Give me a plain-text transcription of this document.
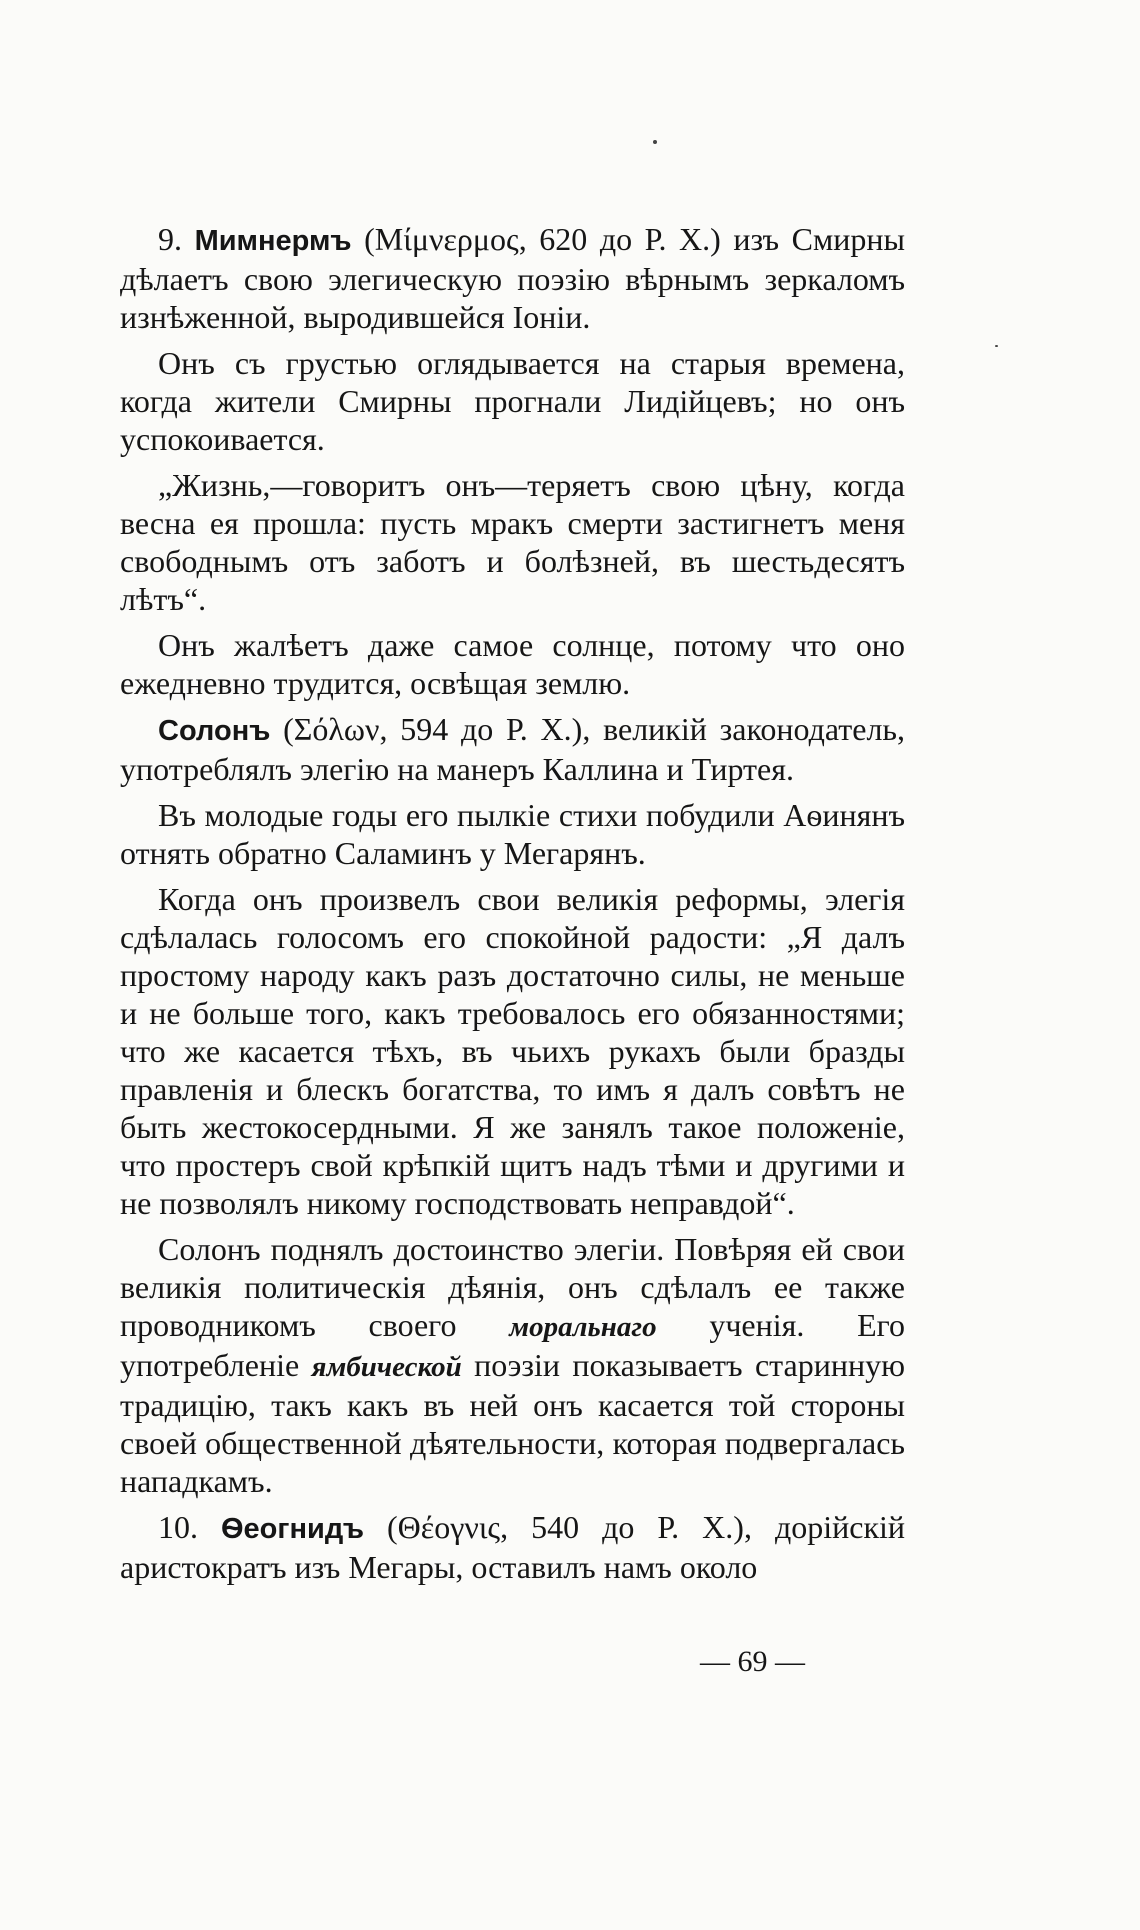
9. Мимнермъ (Μίμνερμος, 620 до Р. X.) изъ Смирны дѣлаетъ свою элегическую поэзію вѣрнымъ зеркаломъ изнѣженной, выродившейся Іоніи.

Онъ съ грустью оглядывается на старыя времена, когда жители Смирны прогнали Лидійцевъ; но онъ успокоивается.

„Жизнь,—говоритъ онъ—теряетъ свою цѣну, когда весна ея прошла: пусть мракъ смерти застигнетъ меня свободнымъ отъ заботъ и болѣзней, въ шестьдесятъ лѣтъ“.

Онъ жалѣетъ даже самое солнце, потому что оно ежедневно трудится, освѣщая землю.

Солонъ (Σόλων, 594 до Р. X.), великій законодатель, употреблялъ элегію на манеръ Каллина и Тиртея.

Въ молодые годы его пылкіе стихи побудили Аѳинянъ отнять обратно Саламинъ у Мегарянъ.

Когда онъ произвелъ свои великія реформы, элегія сдѣлалась голосомъ его спокойной радости: „Я далъ простому народу какъ разъ достаточно силы, не меньше и не больше того, какъ требовалось его обязанностями; что же касается тѣхъ, въ чьихъ рукахъ были бразды правленія и блескъ богатства, то имъ я далъ совѣтъ не быть жестокосердными. Я же занялъ такое положеніе, что простеръ свой крѣпкій щитъ надъ тѣми и другими и не позволялъ никому господствовать неправдой“.

Солонъ поднялъ достоинство элегіи. Повѣряя ей свои великія политическія дѣянія, онъ сдѣлалъ ее также проводникомъ своего моральнаго ученія. Его употребленіе ямбической поэзіи показываетъ старинную традицію, такъ какъ въ ней онъ касается той стороны своей общественной дѣятельности, которая подвергалась нападкамъ.

10. Ѳеогнидъ (Θέογνις, 540 до Р. X.), дорійскій аристократъ изъ Мегары, оставилъ намъ около

— 69 —
